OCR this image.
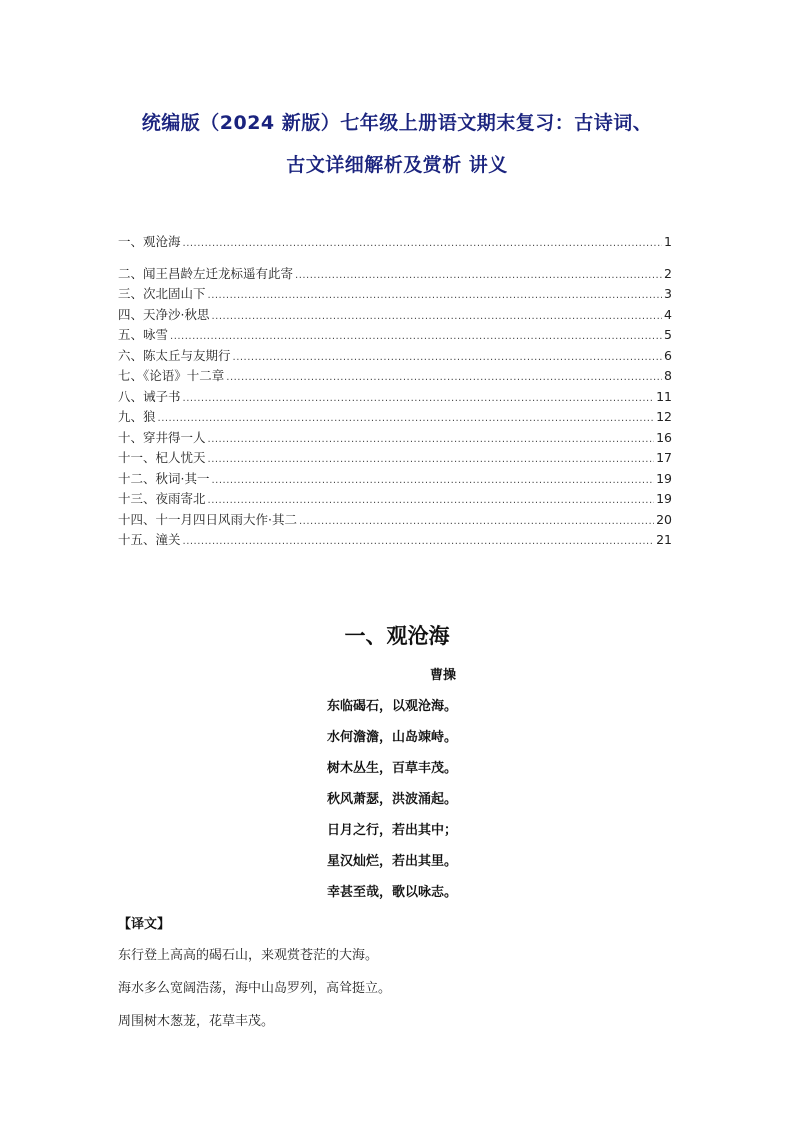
统编版（2024 新版）七年级上册语文期末复习：古诗词、
古文详细解析及赏析 讲义
一、观沧海 .....	1
二、闻王昌龄左迁龙标遥有此寄 .....	2
三、次北固山下 .....	3
四、天净沙·秋思 .....	4
五、咏雪 .....	5
六、陈太丘与友期行 .....	6
七、《论语》十二章 .....	8
八、诫子书 .....	11
九、狼 .....	12
十、穿井得一人 .....	16
十一、杞人忧天 .....	17
十二、秋词·其一 .....	19
十三、夜雨寄北 .....	19
十四、十一月四日风雨大作·其二 .....	20
十五、潼关 .....	21
一、观沧海
曹操
东临碣石，以观沧海。
水何澹澹，山岛竦峙。
树木丛生，百草丰茂。
秋风萧瑟，洪波涌起。
日月之行，若出其中；
星汉灿烂，若出其里。
幸甚至哉，歌以咏志。
【译文】
东行登上高高的碣石山，来观赏苍茫的大海。
海水多么宽阔浩荡，海中山岛罗列，高耸挺立。
周围树木葱茏，花草丰茂。
